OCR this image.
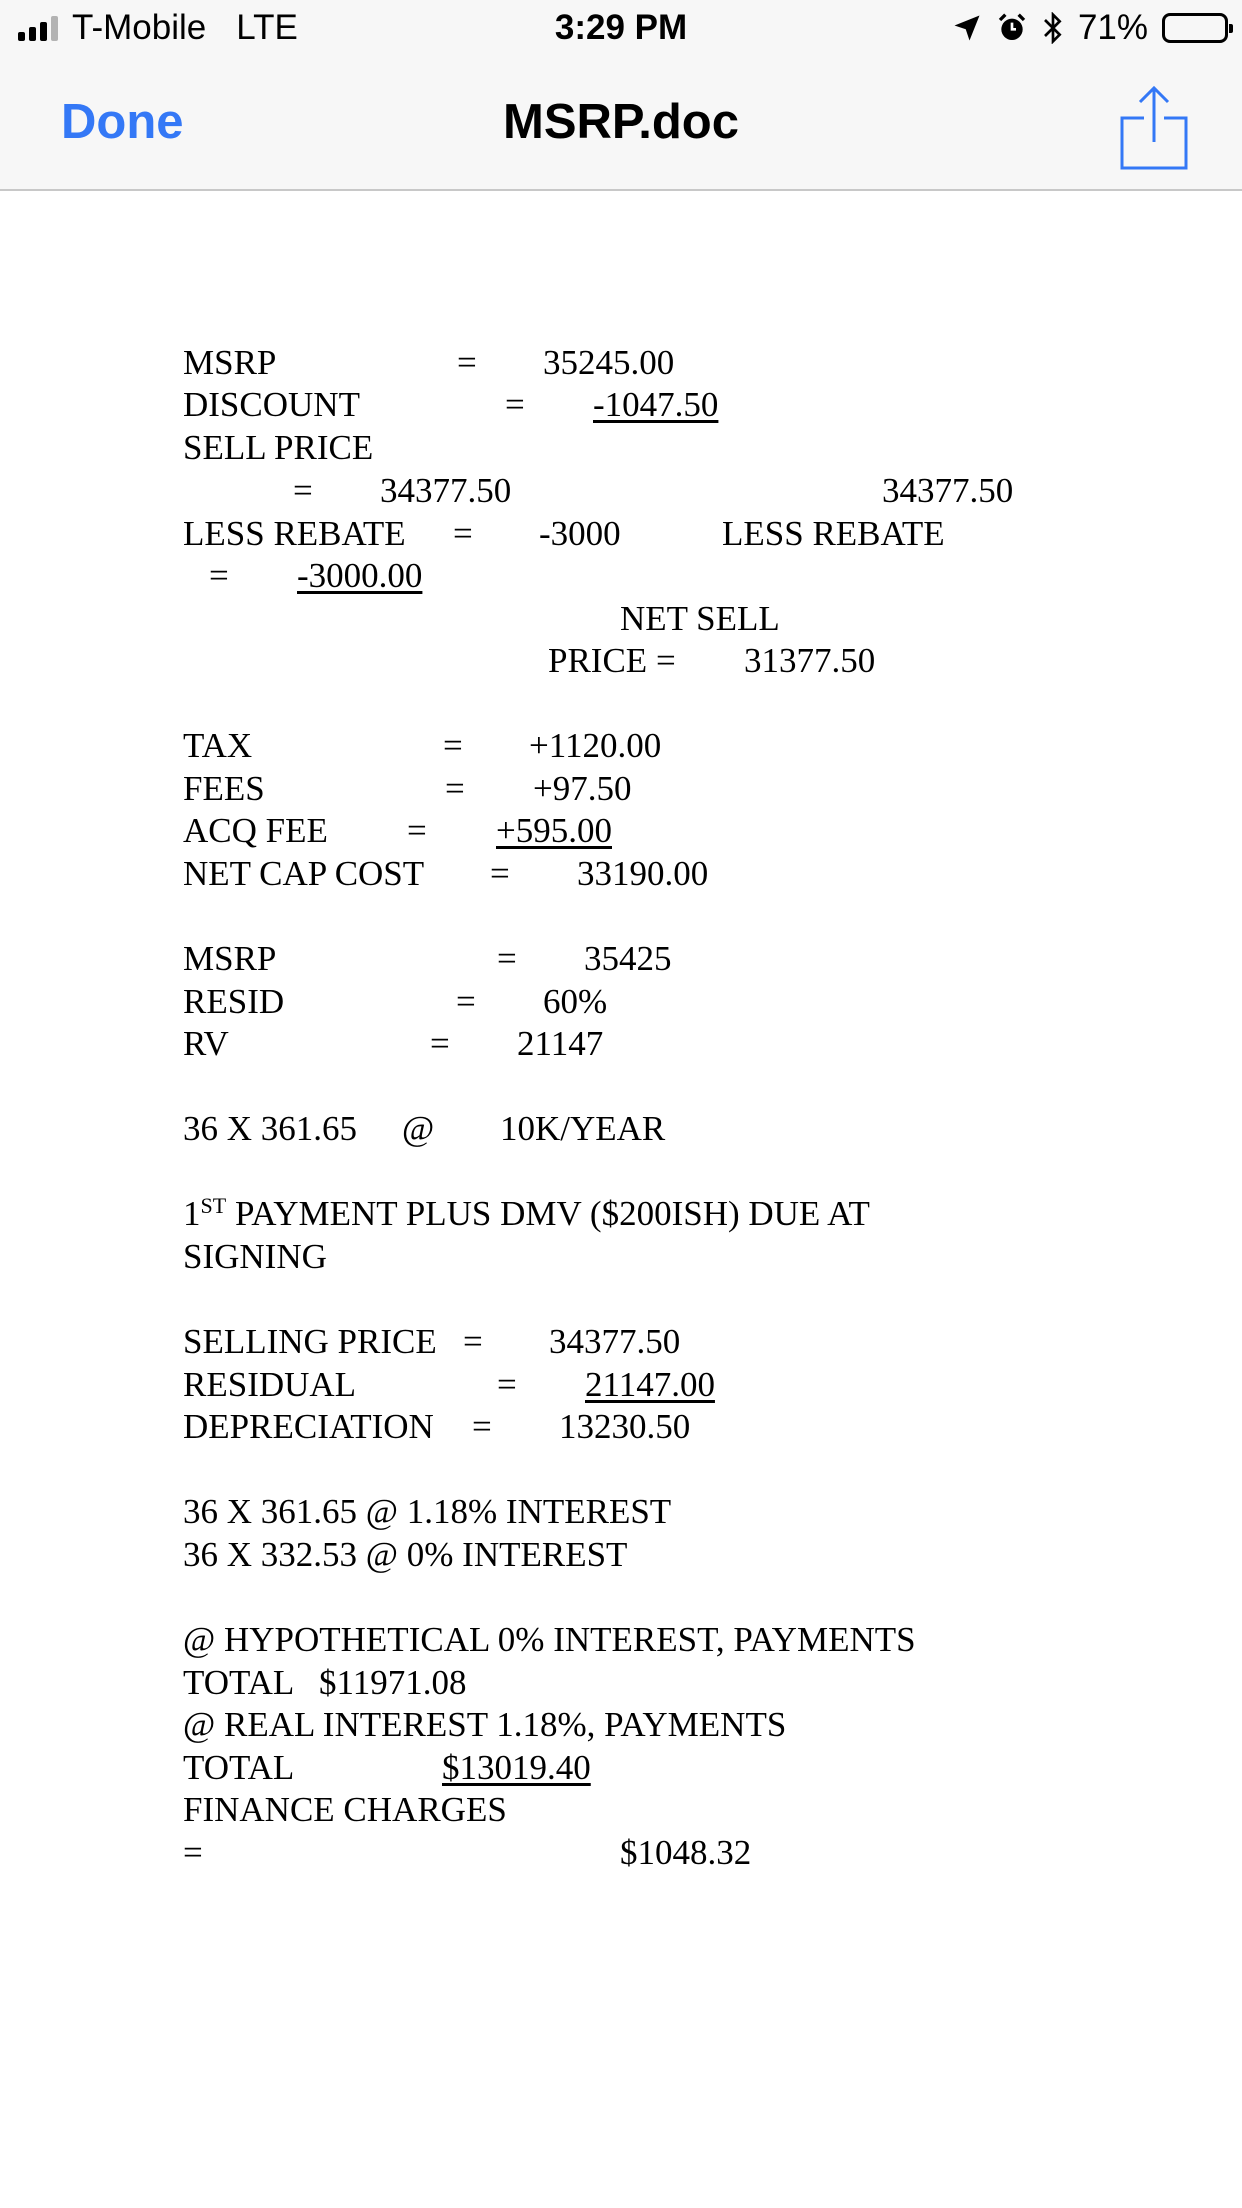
T-Mobile LTE	3:29 PM	71%
Done	MSRP.doc
MSRP	= 35245.00
DISCOUNT	= -1047.50
SELL PRICE
= 34377.50	34377.50
LESS REBATE = -3000	LESS REBATE
= -3000.00
NET SELL
PRICE = 31377.50
TAX	= +1120.00
FEES	= +97.50
ACQ FEE = +595.00
NET CAP COST = 33190.00
MSRP	= 35425
RESID	= 60%
RV	= 21147
36 X 361.65 @ 10K/YEAR
1ST PAYMENT PLUS DMV ($200ISH) DUE AT
SIGNING
SELLING PRICE = 34377.50
RESIDUAL	= 21147.00
DEPRECIATION = 13230.50
36 X 361.65 @ 1.18% INTEREST
36 X 332.53 @ 0% INTEREST
@ HYPOTHETICAL 0% INTEREST, PAYMENTS
TOTAL $11971.08
@ REAL INTEREST 1.18%, PAYMENTS
TOTAL	$13019.40
FINANCE CHARGES
=	$1048.32
